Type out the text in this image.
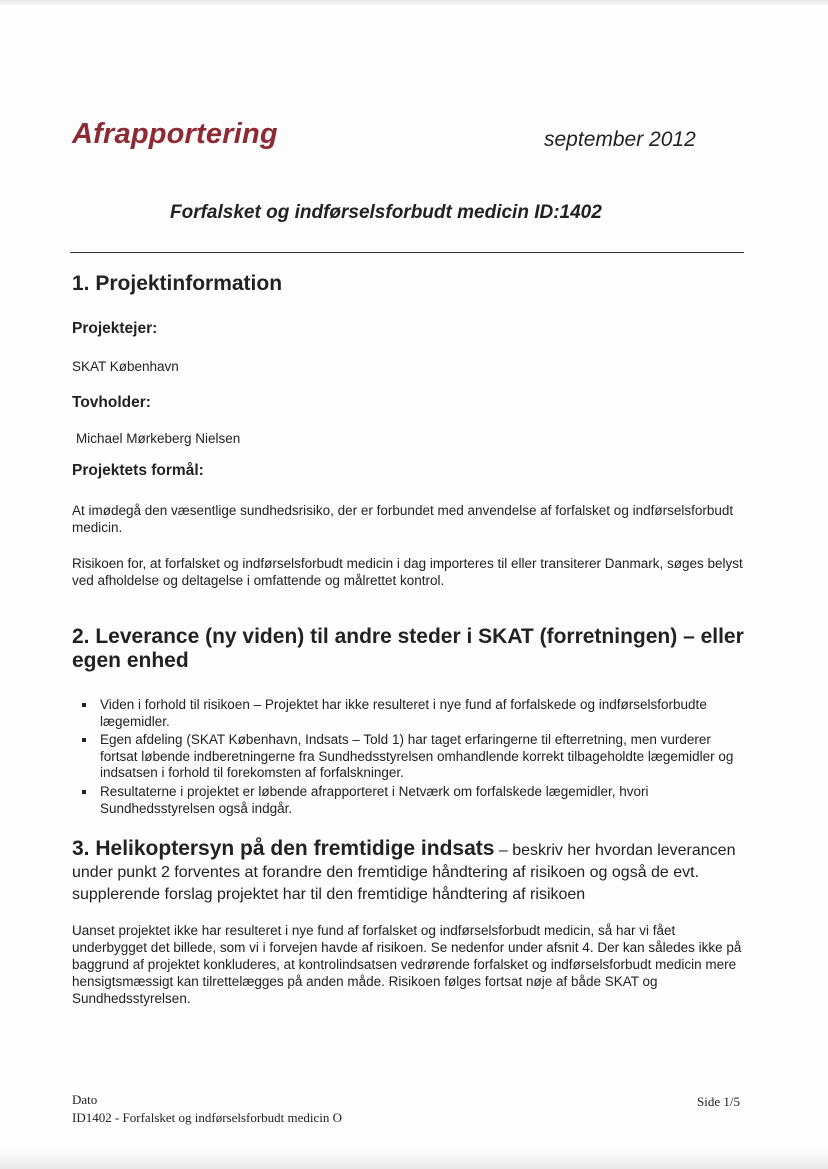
Afrapportering	september 2012
Forfalsket og indførselsforbudt medicin ID:1402
1. Projektinformation
Projektejer:
SKAT København
Tovholder:
Michael Mørkeberg Nielsen
Projektets formål:
At imødegå den væsentlige sundhedsrisiko, der er forbundet med anvendelse af forfalsket og indførselsforbudt medicin.
Risikoen for, at forfalsket og indførselsforbudt medicin i dag importeres til eller transiterer Danmark, søges belyst ved afholdelse og deltagelse i omfattende og målrettet kontrol.
2. Leverance (ny viden) til andre steder i SKAT (forretningen) – eller egen enhed
Viden i forhold til risikoen – Projektet har ikke resulteret i nye fund af forfalskede og indførselsforbudte lægemidler.
Egen afdeling (SKAT København, Indsats – Told 1) har taget erfaringerne til efterretning, men vurderer fortsat løbende indberetningerne fra Sundhedsstyrelsen omhandlende korrekt tilbageholdte lægemidler og indsatsen i forhold til forekomsten af forfalskninger.
Resultaterne i projektet er løbende afrapporteret i Netværk om forfalskede lægemidler, hvori Sundhedsstyrelsen også indgår.
3. Helikoptersyn på den fremtidige indsats – beskriv her hvordan leverancen under punkt 2 forventes at forandre den fremtidige håndtering af risikoen og også de evt. supplerende forslag projektet har til den fremtidige håndtering af risikoen
Uanset projektet ikke har resulteret i nye fund af forfalsket og indførselsforbudt medicin, så har vi fået underbygget det billede, som vi i forvejen havde af risikoen. Se nedenfor under afsnit 4. Der kan således ikke på baggrund af projektet konkluderes, at kontrolindsatsen vedrørende forfalsket og indførselsforbudt medicin mere hensigtsmæssigt kan tilrettelægges på anden måde. Risikoen følges fortsat nøje af både SKAT og Sundhedsstyrelsen.
Dato
ID1402 - Forfalsket og indførselsforbudt medicin O
Side 1/5
